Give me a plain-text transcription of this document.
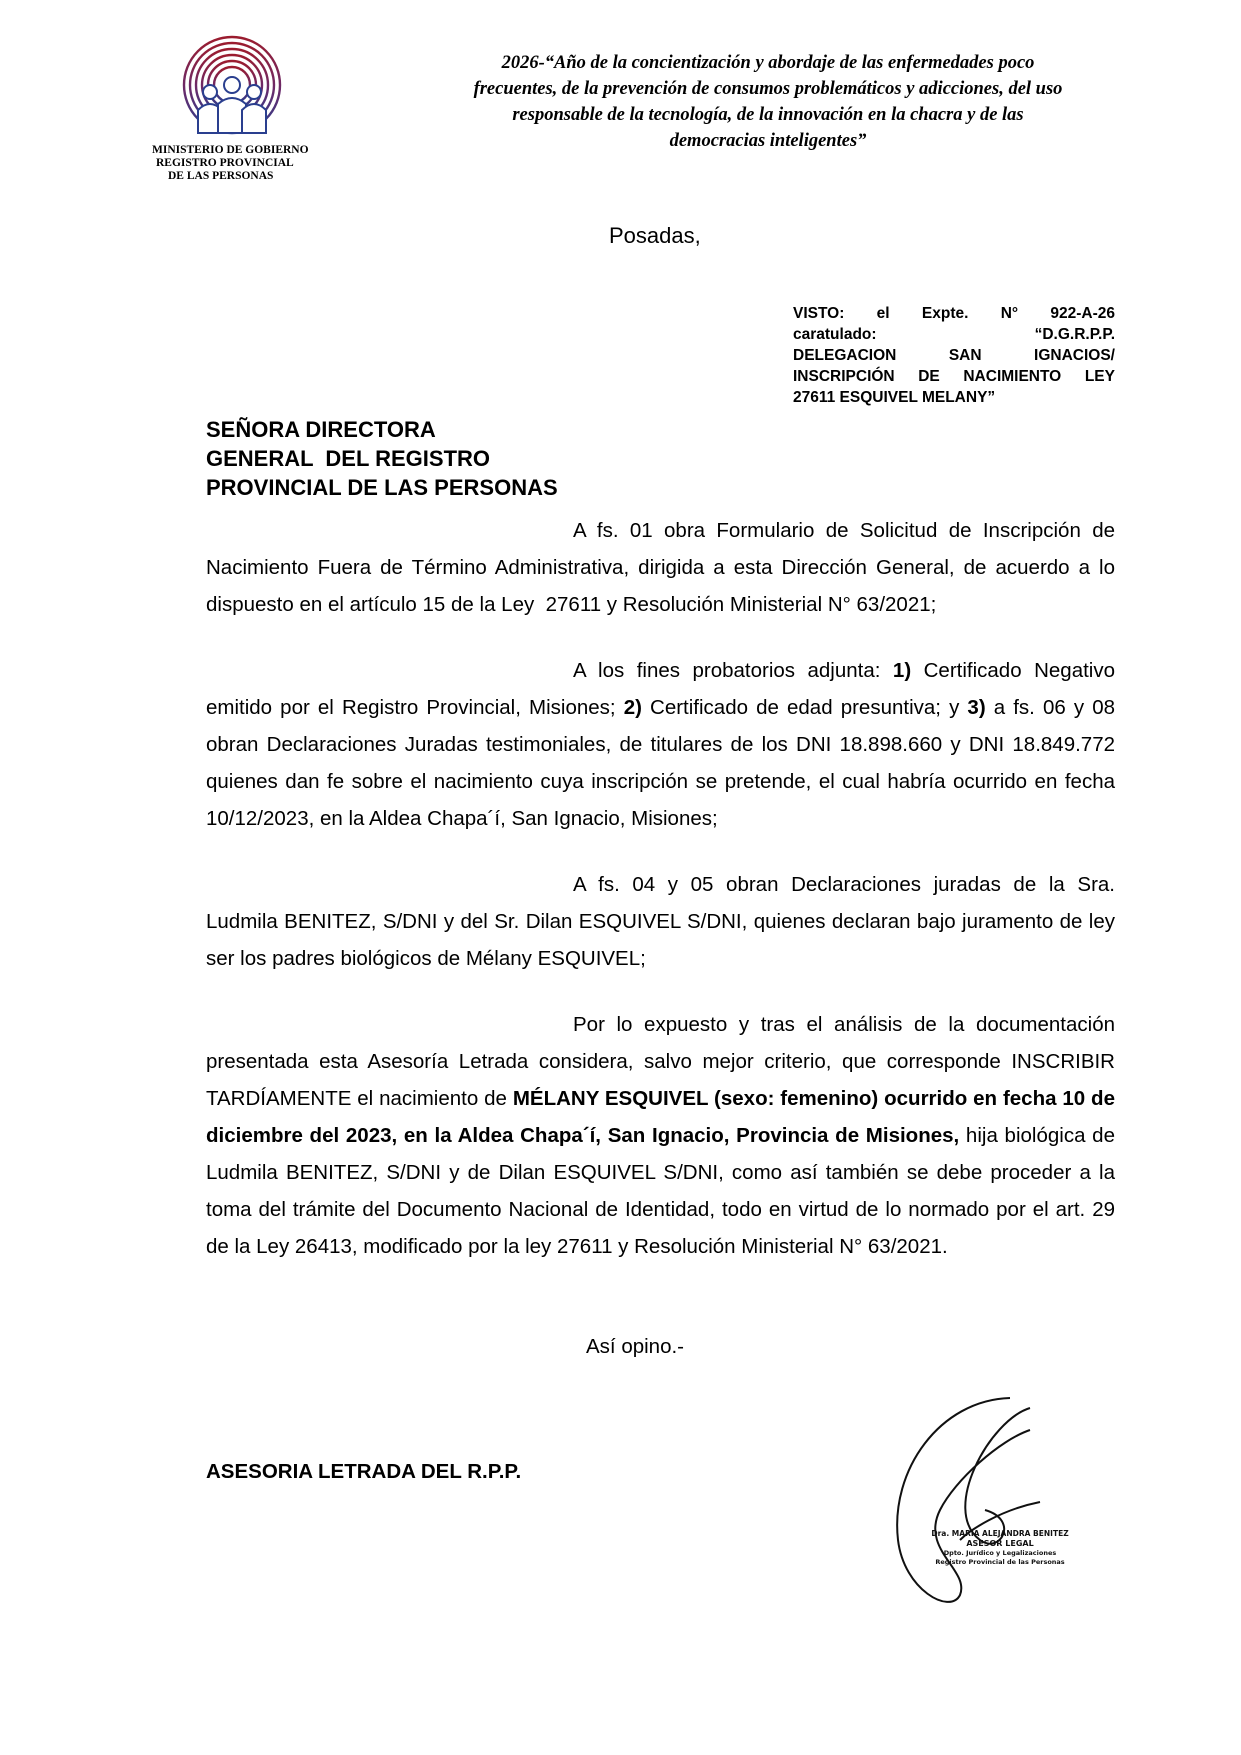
MINISTERIO DE GOBIERNO
REGISTRO PROVINCIAL
DE LAS PERSONAS
2026-“Año de la concientización y abordaje de las enfermedades poco
frecuentes, de la prevención de consumos problemáticos y adicciones, del uso
responsable de la tecnología, de la innovación en la chacra y de las
democracias inteligentes”
Posadas,
VISTO: el Expte. N° 922-A-26
caratulado: “D.G.R.P.P.
DELEGACION SAN IGNACIOS/
INSCRIPCIÓN DE NACIMIENTO LEY
27611 ESQUIVEL MELANY”
SEÑORA DIRECTORA
GENERAL  DEL REGISTRO
PROVINCIAL DE LAS PERSONAS

A fs. 01 obra Formulario de Solicitud de Inscripción de Nacimiento Fuera de Término Administrativa, dirigida a esta Dirección General, de acuerdo a lo dispuesto en el artículo 15 de la Ley  27611 y Resolución Ministerial N° 63/2021;

A los fines probatorios adjunta: 1) Certificado Negativo emitido por el Registro Provincial, Misiones; 2) Certificado de edad presuntiva; y 3) a fs. 06 y 08 obran Declaraciones Juradas testimoniales, de titulares de los DNI 18.898.660 y DNI 18.849.772 quienes dan fe sobre el nacimiento cuya inscripción se pretende, el cual habría ocurrido en fecha 10/12/2023, en la Aldea Chapa´í, San Ignacio, Misiones;

A fs. 04 y 05 obran Declaraciones juradas de la Sra. Ludmila BENITEZ, S/DNI y del Sr. Dilan ESQUIVEL S/DNI, quienes declaran bajo juramento de ley ser los padres biológicos de Mélany ESQUIVEL;

Por lo expuesto y tras el análisis de la documentación presentada esta Asesoría Letrada considera, salvo mejor criterio, que corresponde INSCRIBIR TARDÍAMENTE el nacimiento de MÉLANY ESQUIVEL (sexo: femenino) ocurrido en fecha 10 de diciembre del 2023, en la Aldea Chapa´í, San Ignacio, Provincia de Misiones, hija biológica de Ludmila BENITEZ, S/DNI y de Dilan ESQUIVEL S/DNI, como así también se debe proceder a la toma del trámite del Documento Nacional de Identidad, todo en virtud de lo normado por el art. 29 de la Ley 26413, modificado por la ley 27611 y Resolución Ministerial N° 63/2021.

Así opino.-
ASESORIA LETRADA DEL R.P.P.
Dra. MARIA ALEJANDRA BENITEZ
ASESOR LEGAL
Dpto. Jurídico y Legalizaciones
Registro Provincial de las Personas
